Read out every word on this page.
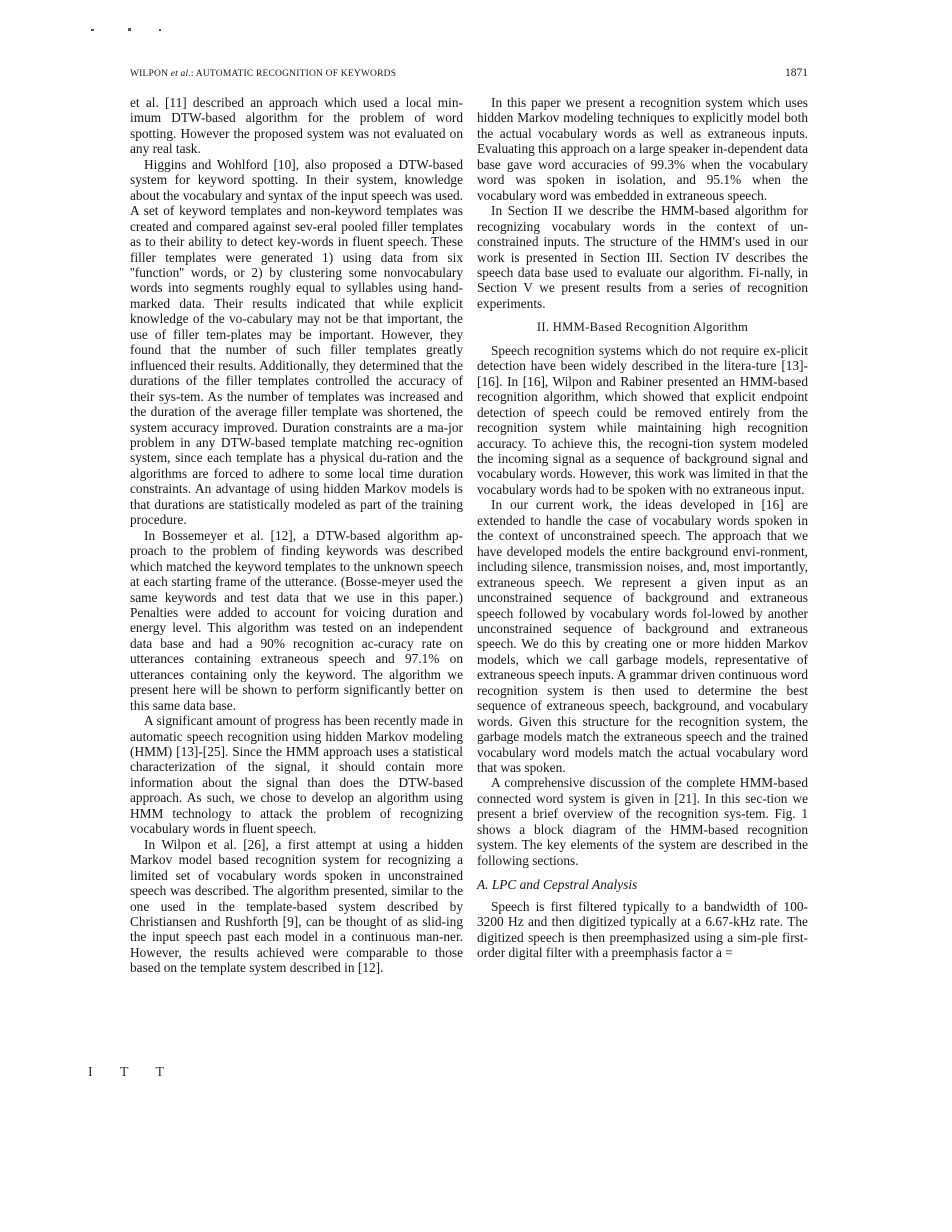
WILPON et al.: AUTOMATIC RECOGNITION OF KEYWORDS	1871

et al. [11] described an approach which used a local min-imum DTW-based algorithm for the problem of word spotting. However the proposed system was not evaluated on any real task.

Higgins and Wohlford [10], also proposed a DTW-based system for keyword spotting. In their system, knowledge about the vocabulary and syntax of the input speech was used. A set of keyword templates and non-keyword templates was created and compared against sev-eral pooled filler templates as to their ability to detect key-words in fluent speech. These filler templates were generated 1) using data from six ''function'' words, or 2) by clustering some nonvocabulary words into segments roughly equal to syllables using hand-marked data. Their results indicated that while explicit knowledge of the vo-cabulary may not be that important, the use of filler tem-plates may be important. However, they found that the number of such filler templates greatly influenced their results. Additionally, they determined that the durations of the filler templates controlled the accuracy of their sys-tem. As the number of templates was increased and the duration of the average filler template was shortened, the system accuracy improved. Duration constraints are a ma-jor problem in any DTW-based template matching rec-ognition system, since each template has a physical du-ration and the algorithms are forced to adhere to some local time duration constraints. An advantage of using hidden Markov models is that durations are statistically modeled as part of the training procedure.

In Bossemeyer et al. [12], a DTW-based algorithm ap-proach to the problem of finding keywords was described which matched the keyword templates to the unknown speech at each starting frame of the utterance. (Bosse-meyer used the same keywords and test data that we use in this paper.) Penalties were added to account for voicing duration and energy level. This algorithm was tested on an independent data base and had a 90% recognition ac-curacy rate on utterances containing extraneous speech and 97.1% on utterances containing only the keyword. The algorithm we present here will be shown to perform significantly better on this same data base.

A significant amount of progress has been recently made in automatic speech recognition using hidden Markov modeling (HMM) [13]-[25]. Since the HMM approach uses a statistical characterization of the signal, it should contain more information about the signal than does the DTW-based approach. As such, we chose to develop an algorithm using HMM technology to attack the problem of recognizing vocabulary words in fluent speech.

In Wilpon et al. [26], a first attempt at using a hidden Markov model based recognition system for recognizing a limited set of vocabulary words spoken in unconstrained speech was described. The algorithm presented, similar to the one used in the template-based system described by Christiansen and Rushforth [9], can be thought of as slid-ing the input speech past each model in a continuous man-ner. However, the results achieved were comparable to those based on the template system described in [12].

In this paper we present a recognition system which uses hidden Markov modeling techniques to explicitly model both the actual vocabulary words as well as extraneous inputs. Evaluating this approach on a large speaker in-dependent data base gave word accuracies of 99.3% when the vocabulary word was spoken in isolation, and 95.1% when the vocabulary word was embedded in extraneous speech.

In Section II we describe the HMM-based algorithm for recognizing vocabulary words in the context of un-constrained inputs. The structure of the HMM's used in our work is presented in Section III. Section IV describes the speech data base used to evaluate our algorithm. Fi-nally, in Section V we present results from a series of recognition experiments.

II. HMM-Based Recognition Algorithm

Speech recognition systems which do not require ex-plicit detection have been widely described in the litera-ture [13]-[16]. In [16], Wilpon and Rabiner presented an HMM-based recognition algorithm, which showed that explicit endpoint detection of speech could be removed entirely from the recognition system while maintaining high recognition accuracy. To achieve this, the recogni-tion system modeled the incoming signal as a sequence of background signal and vocabulary words. However, this work was limited in that the vocabulary words had to be spoken with no extraneous input.

In our current work, the ideas developed in [16] are extended to handle the case of vocabulary words spoken in the context of unconstrained speech. The approach that we have developed models the entire background envi-ronment, including silence, transmission noises, and, most importantly, extraneous speech. We represent a given input as an unconstrained sequence of background and extraneous speech followed by vocabulary words fol-lowed by another unconstrained sequence of background and extraneous speech. We do this by creating one or more hidden Markov models, which we call garbage models, representative of extraneous speech inputs. A grammar driven continuous word recognition system is then used to determine the best sequence of extraneous speech, background, and vocabulary words. Given this structure for the recognition system, the garbage models match the extraneous speech and the trained vocabulary word models match the actual vocabulary word that was spoken.

A comprehensive discussion of the complete HMM-based connected word system is given in [21]. In this sec-tion we present a brief overview of the recognition sys-tem. Fig. 1 shows a block diagram of the HMM-based recognition system. The key elements of the system are described in the following sections.

A. LPC and Cepstral Analysis

Speech is first filtered typically to a bandwidth of 100-3200 Hz and then digitized typically at a 6.67-kHz rate. The digitized speech is then preemphasized using a sim-ple first-order digital filter with a preemphasis factor a =

I T T
